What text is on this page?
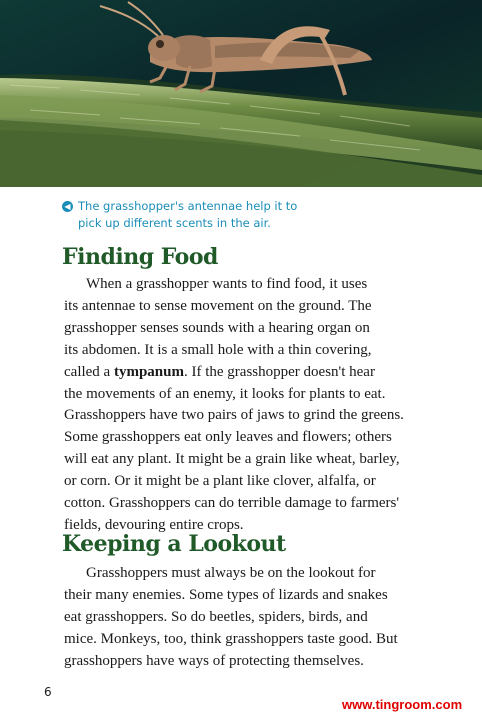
◀ The grasshopper's antennae help it to
pick up different scents in the air.
Finding Food
When a grasshopper wants to find food, it uses
its antennae to sense movement on the ground. The
grasshopper senses sounds with a hearing organ on
its abdomen. It is a small hole with a thin covering,
called a tympanum. If the grasshopper doesn't hear
the movements of an enemy, it looks for plants to eat.
Grasshoppers have two pairs of jaws to grind the greens.
Some grasshoppers eat only leaves and flowers; others
will eat any plant. It might be a grain like wheat, barley,
or corn. Or it might be a plant like clover, alfalfa, or
cotton. Grasshoppers can do terrible damage to farmers'
fields, devouring entire crops.
Keeping a Lookout
Grasshoppers must always be on the lookout for
their many enemies. Some types of lizards and snakes
eat grasshoppers. So do beetles, spiders, birds, and
mice. Monkeys, too, think grasshoppers taste good. But
grasshoppers have ways of protecting themselves.
6
www.tingroom.com
